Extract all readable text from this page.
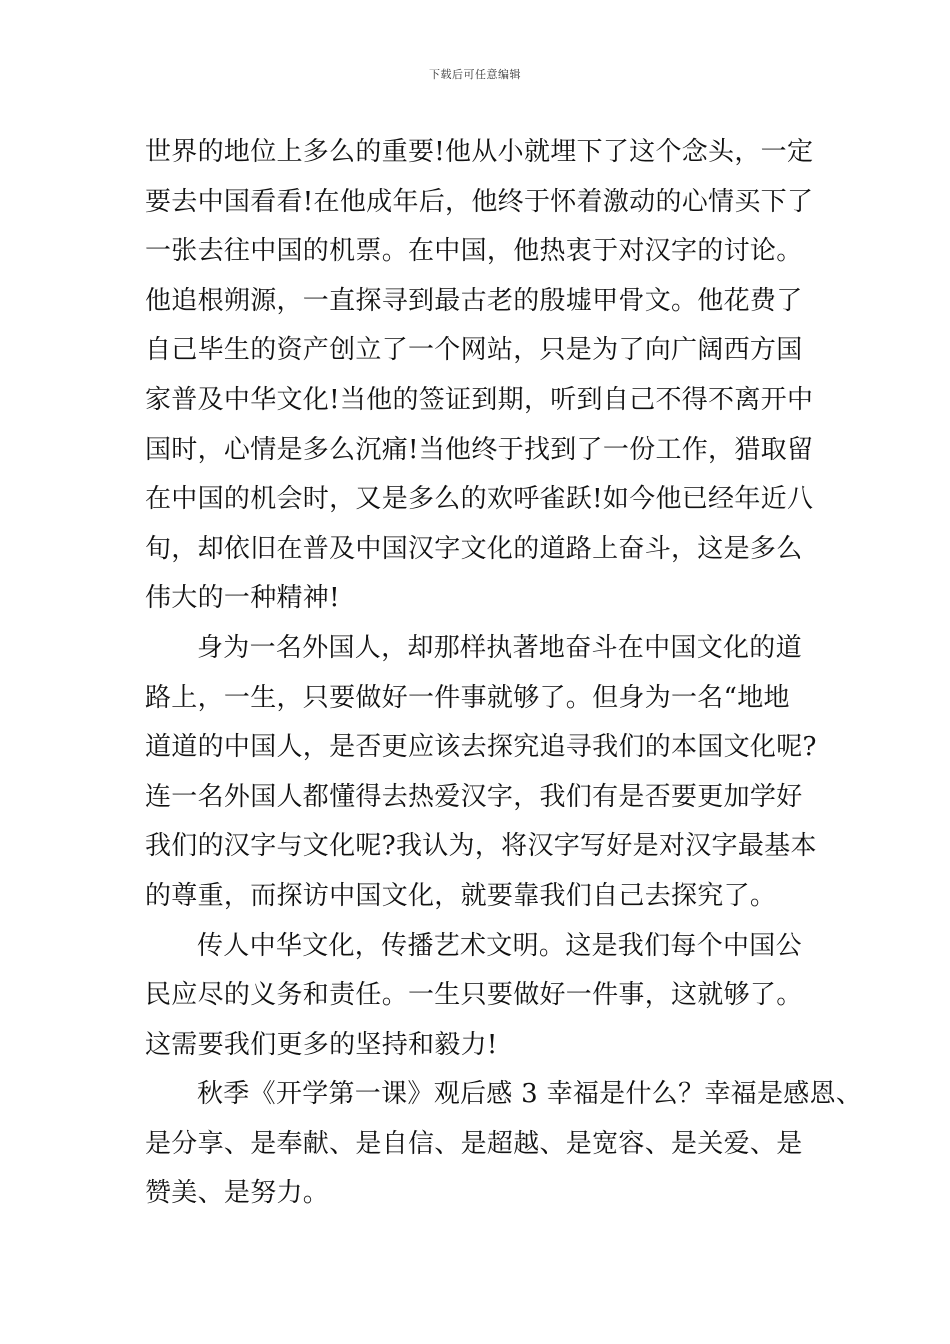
下载后可任意编辑
世界的地位上多么的重要!他从小就埋下了这个念头，一定
要去中国看看!在他成年后，他终于怀着激动的心情买下了
一张去往中国的机票。在中国，他热衷于对汉字的讨论。
他追根朔源，一直探寻到最古老的殷墟甲骨文。他花费了
自己毕生的资产创立了一个网站，只是为了向广阔西方国
家普及中华文化!当他的签证到期，听到自己不得不离开中
国时，心情是多么沉痛!当他终于找到了一份工作，猎取留
在中国的机会时，又是多么的欢呼雀跃!如今他已经年近八
旬，却依旧在普及中国汉字文化的道路上奋斗，这是多么
伟大的一种精神!
身为一名外国人，却那样执著地奋斗在中国文化的道
路上，一生，只要做好一件事就够了。但身为一名“地地
道道的中国人，是否更应该去探究追寻我们的本国文化呢?
连一名外国人都懂得去热爱汉字，我们有是否要更加学好
我们的汉字与文化呢?我认为，将汉字写好是对汉字最基本
的尊重，而探访中国文化，就要靠我们自己去探究了。
传人中华文化，传播艺术文明。这是我们每个中国公
民应尽的义务和责任。一生只要做好一件事，这就够了。
这需要我们更多的坚持和毅力!
秋季《开学第一课》观后感 3 幸福是什么？幸福是感恩、
是分享、是奉献、是自信、是超越、是宽容、是关爱、是
赞美、是努力。
